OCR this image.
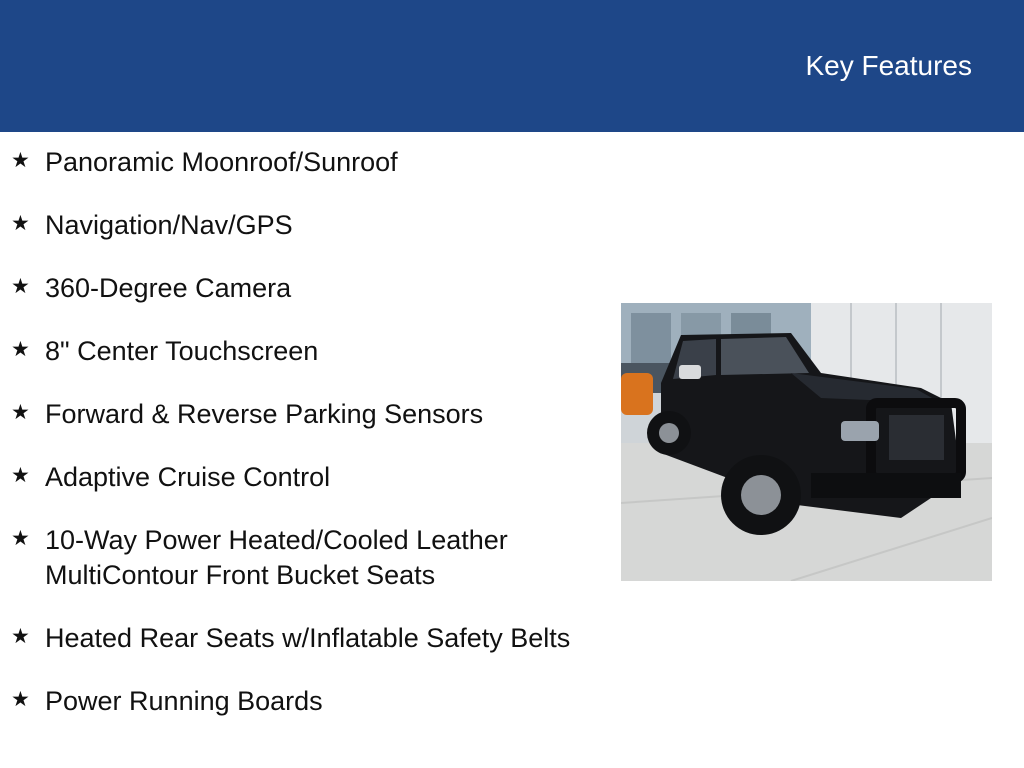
Key Features
★ Panoramic Moonroof/Sunroof
★ Navigation/Nav/GPS
★ 360-Degree Camera
★ 8" Center Touchscreen
★ Forward & Reverse Parking Sensors
★ Adaptive Cruise Control
★ 10-Way Power Heated/Cooled Leather MultiContour Front Bucket Seats
★ Heated Rear Seats w/Inflatable Safety Belts
★ Power Running Boards
